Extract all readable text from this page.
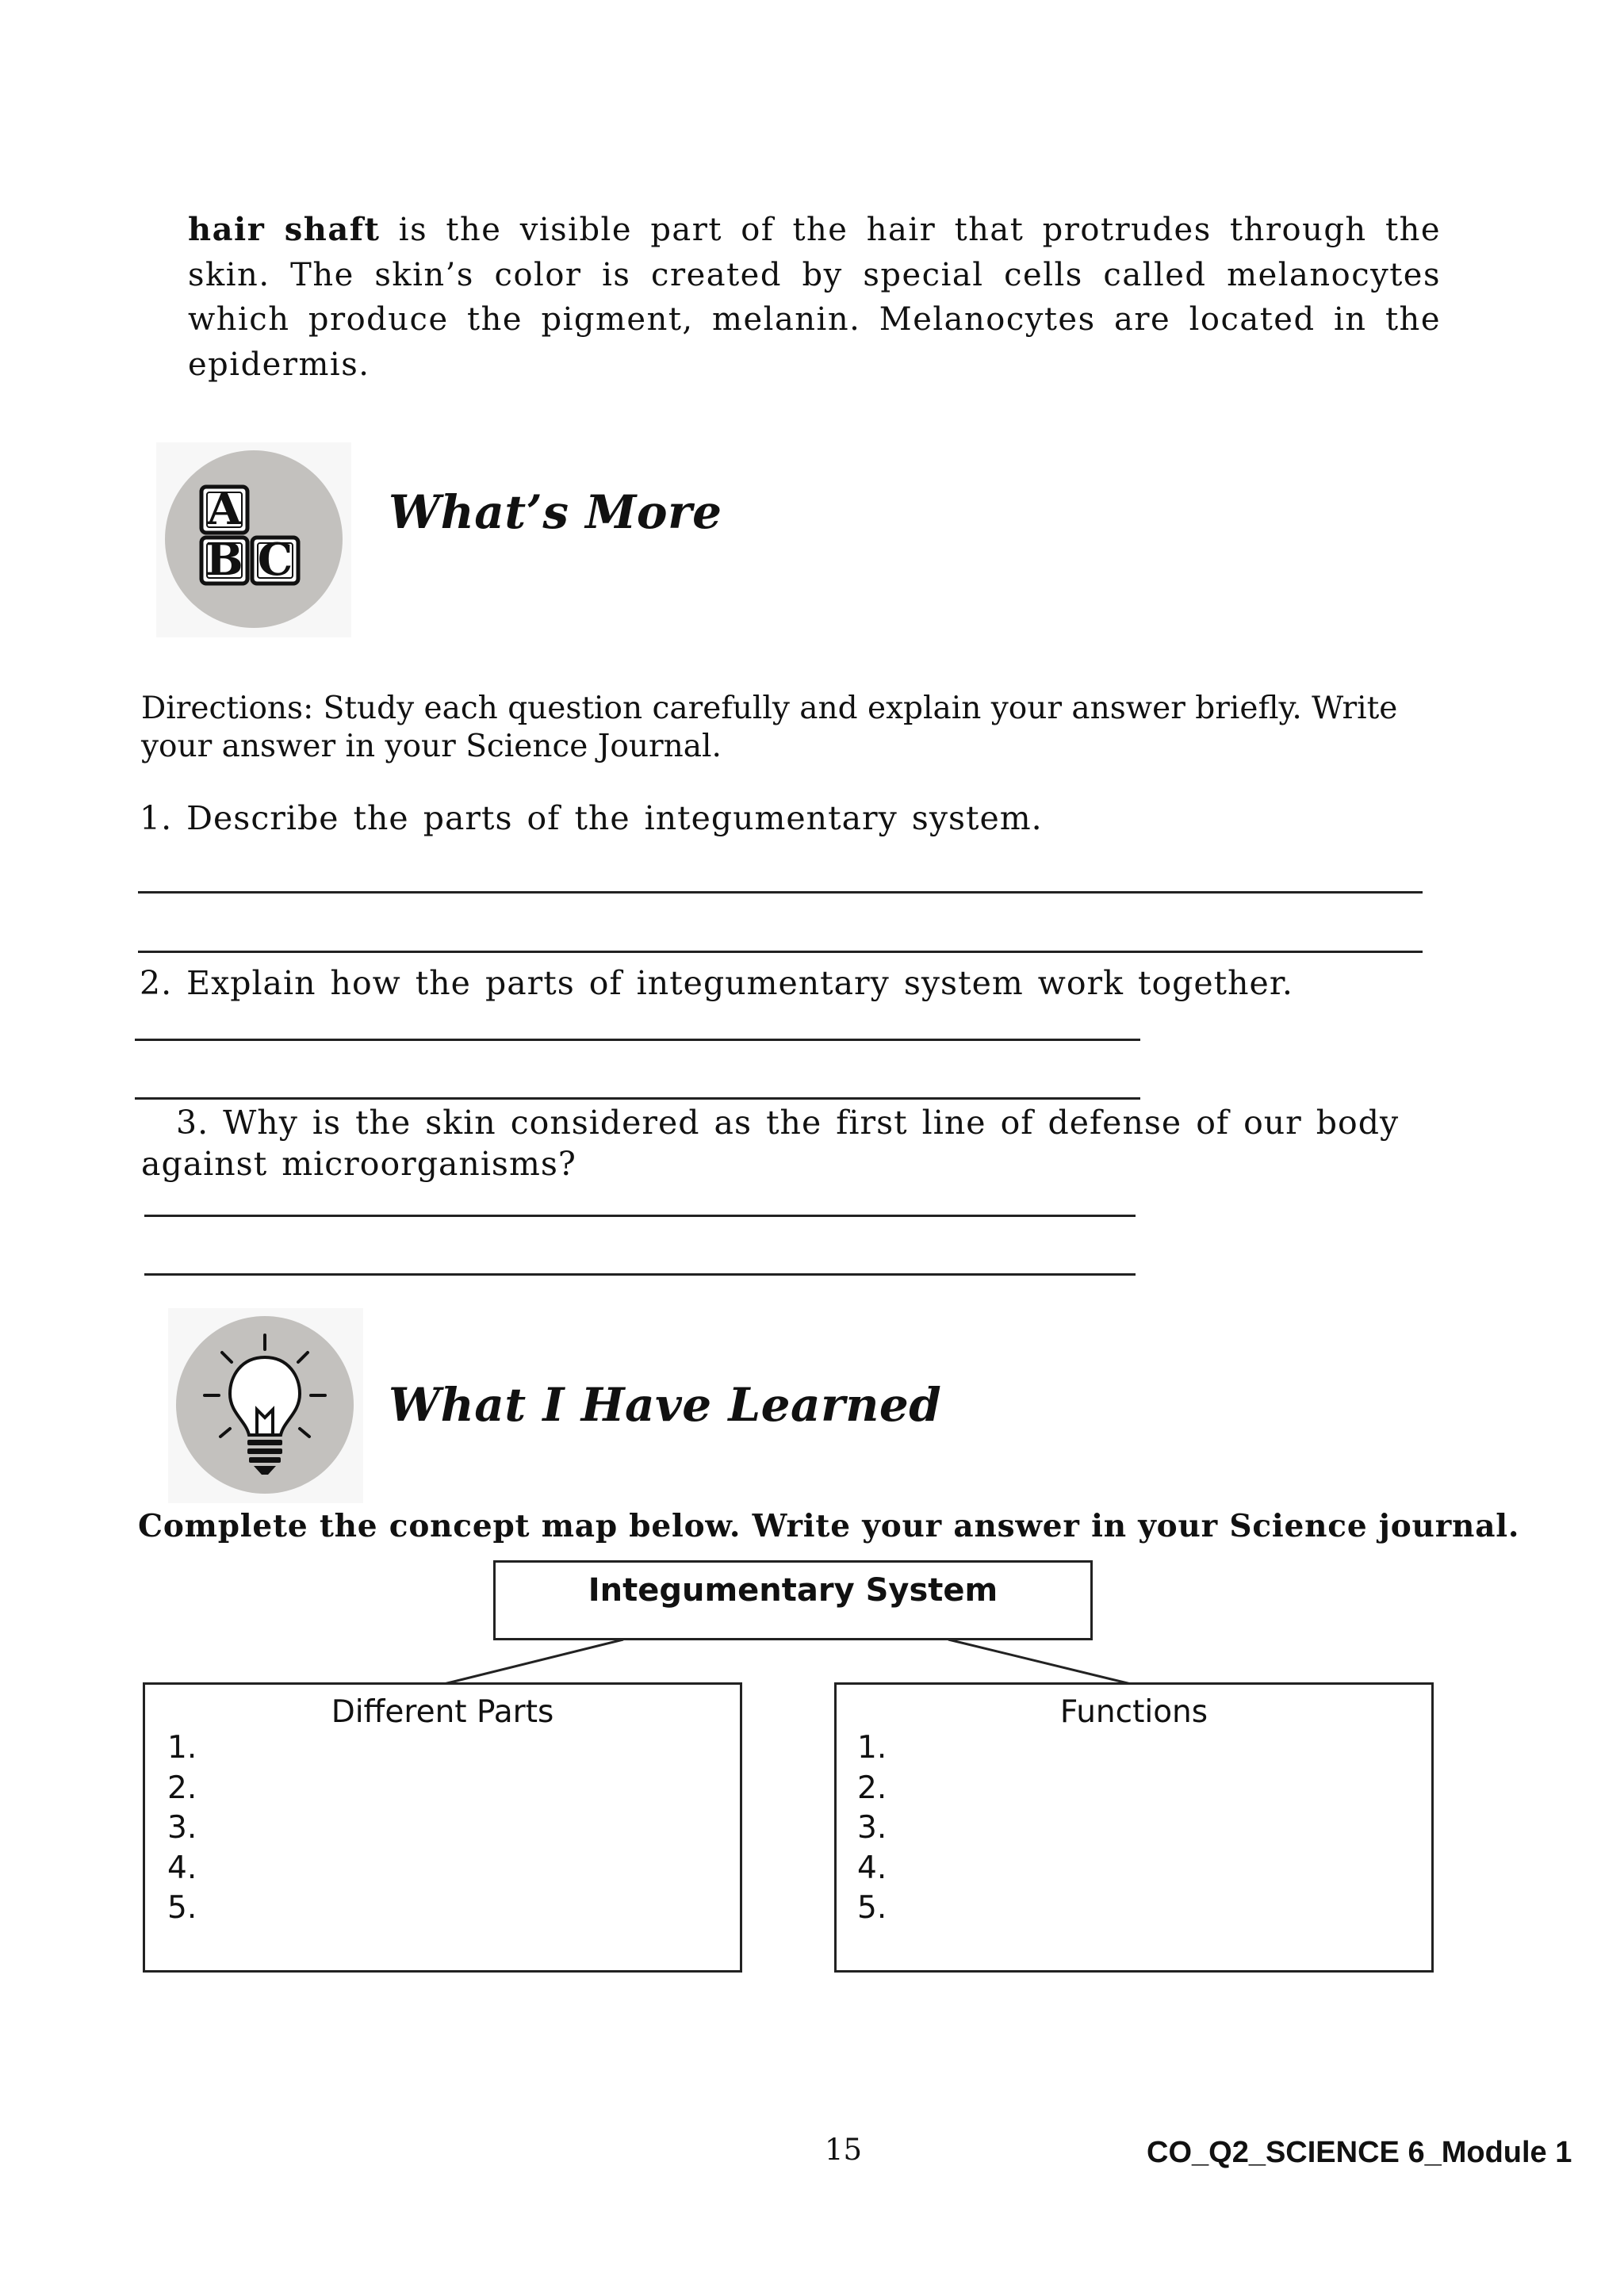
hair shaft is the visible part of the hair that protrudes through the skin. The skin’s color is created by special cells called melanocytes which produce the pigment, melanin. Melanocytes are located in the epidermis.
A
B C
What’s More
Directions: Study each question carefully and explain your answer briefly. Write your answer in your Science Journal.
1. Describe the parts of the integumentary system.
2. Explain how the parts of integumentary system work together.
3. Why is the skin considered as the first line of defense of our body against microorganisms?
What I Have Learned
Complete the concept map below. Write your answer in your Science journal.
Integumentary System
Different Parts
1.
2.
3.
4.
5.
Functions
1.
2.
3.
4.
5.
15	CO_Q2_SCIENCE 6_Module 1
